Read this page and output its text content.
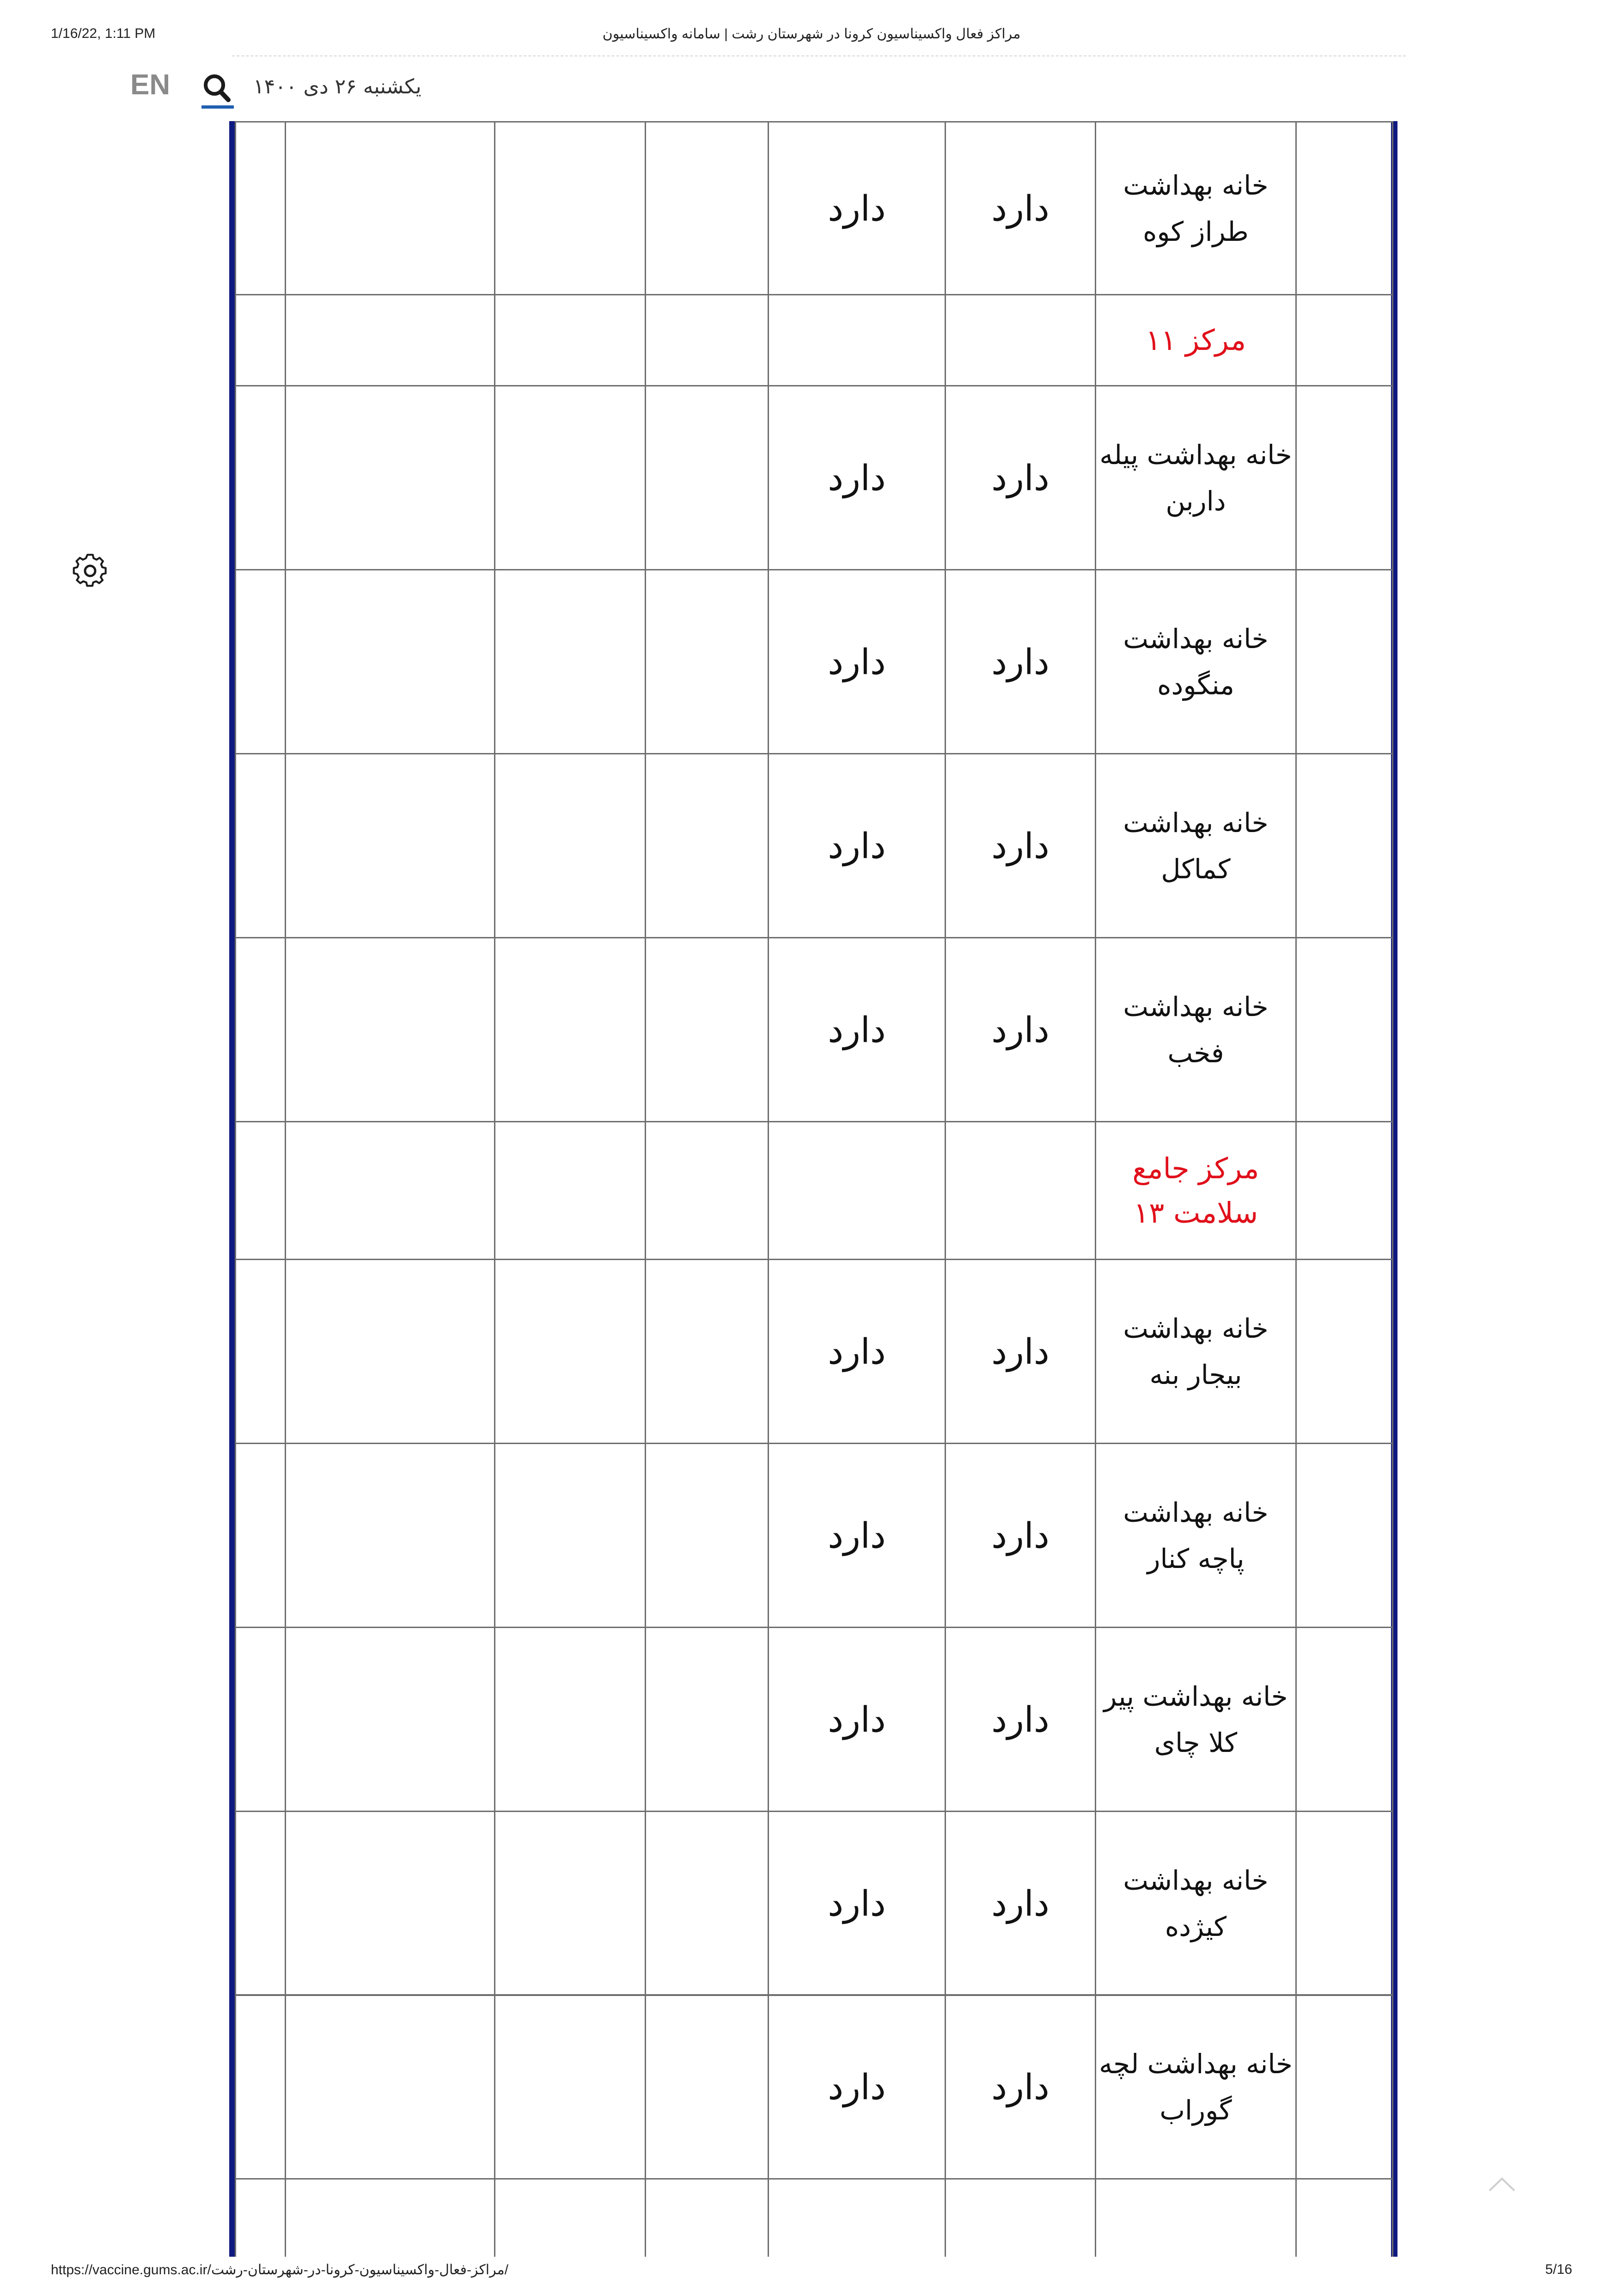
1/16/22, 1:11 PM	مراکز فعال واکسیناسیون کرونا در شهرستان رشت | سامانه واکسیناسیون
EN	یکشنبه ۲۶ دی ۱۴۰۰
	خانه بهداشت طراز کوه	دارد	دارد				
	مرکز ۱۱						
	خانه بهداشت پیله داربن	دارد	دارد				
	خانه بهداشت منگوده	دارد	دارد				
	خانه بهداشت کماکل	دارد	دارد				
	خانه بهداشت فخب	دارد	دارد				
	مرکز جامع سلامت ۱۳						
	خانه بهداشت بیجار بنه	دارد	دارد				
	خانه بهداشت پاچه کنار	دارد	دارد				
	خانه بهداشت پیر کلا چای	دارد	دارد				
	خانه بهداشت کیژده	دارد	دارد				
	خانه بهداشت لچه گوراب	دارد	دارد				

https://vaccine.gums.ac.ir/مراکز-فعال-واکسیناسیون-کرونا-در-شهرستان-رشت/	5/16
